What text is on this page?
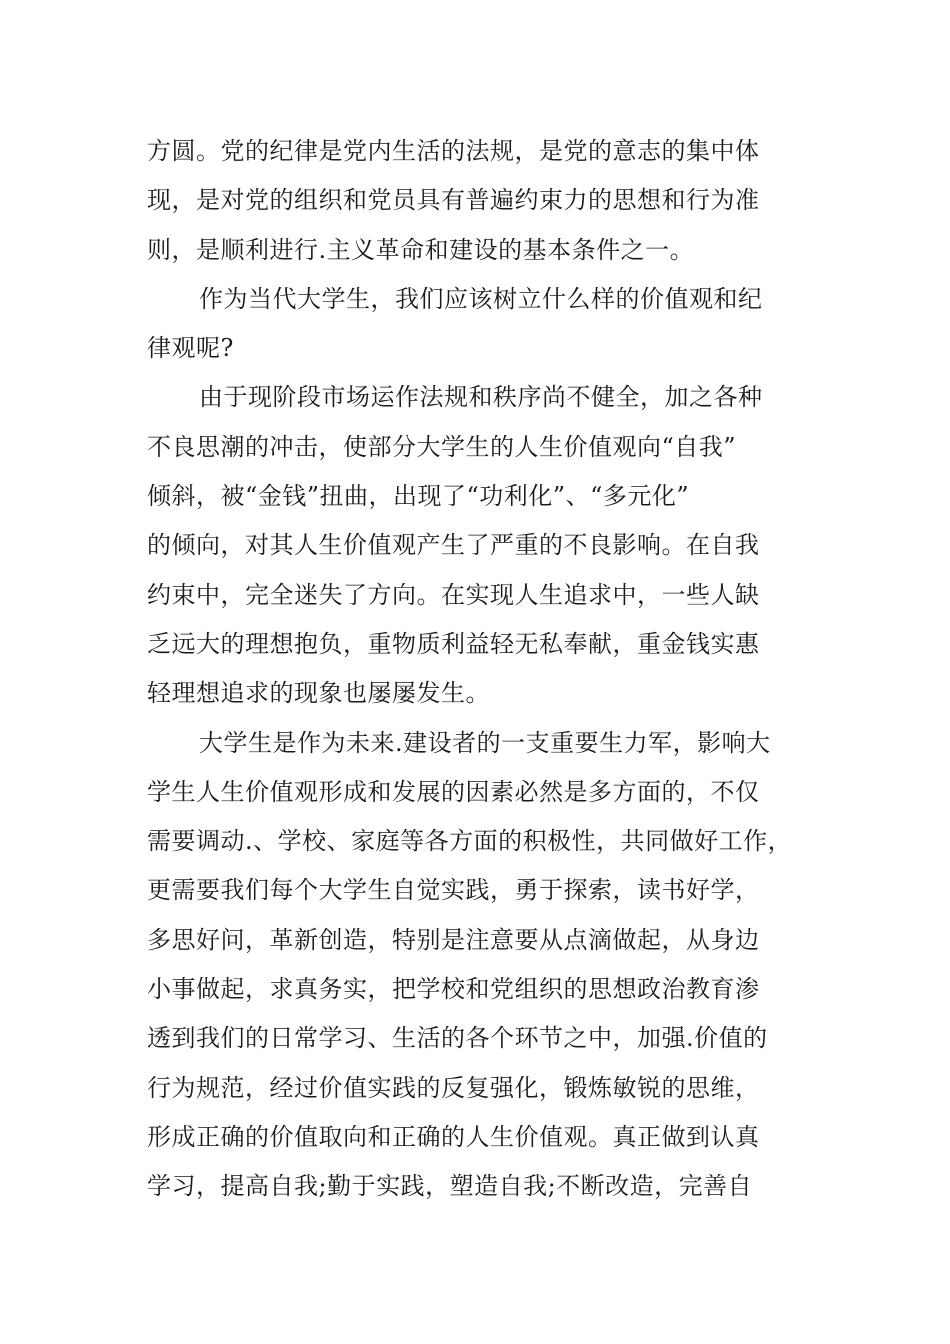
方圆。党的纪律是党内生活的法规，是党的意志的集中体
现，是对党的组织和党员具有普遍约束力的思想和行为准
则，是顺利进行.主义革命和建设的基本条件之一。
作为当代大学生，我们应该树立什么样的价值观和纪
律观呢?
由于现阶段市场运作法规和秩序尚不健全，加之各种
不良思潮的冲击，使部分大学生的人生价值观向“自我”
倾斜，被“金钱”扭曲，出现了“功利化”、“多元化”
的倾向，对其人生价值观产生了严重的不良影响。在自我
约束中，完全迷失了方向。在实现人生追求中，一些人缺
乏远大的理想抱负，重物质利益轻无私奉献，重金钱实惠
轻理想追求的现象也屡屡发生。
大学生是作为未来.建设者的一支重要生力军，影响大
学生人生价值观形成和发展的因素必然是多方面的，不仅
需要调动.、学校、家庭等各方面的积极性，共同做好工作，
更需要我们每个大学生自觉实践，勇于探索，读书好学，
多思好问，革新创造，特别是注意要从点滴做起，从身边
小事做起，求真务实，把学校和党组织的思想政治教育渗
透到我们的日常学习、生活的各个环节之中，加强.价值的
行为规范，经过价值实践的反复强化，锻炼敏锐的思维，
形成正确的价值取向和正确的人生价值观。真正做到认真
学习，提高自我;勤于实践，塑造自我;不断改造，完善自
